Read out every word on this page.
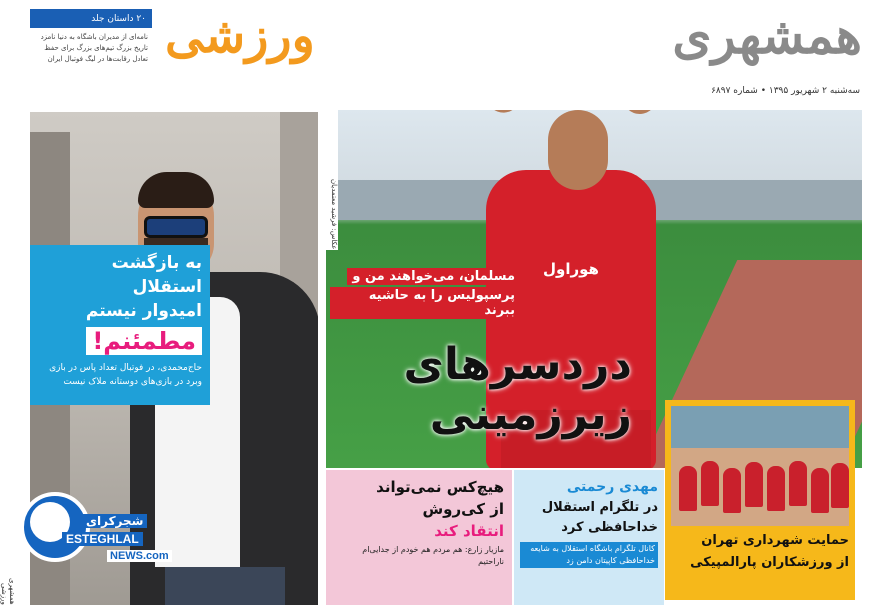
همشهری
ورزشی
سه‌شنبه ۲ شهریور ۱۳۹۵ • شماره ۶۸۹۷
۲۰ داستان جلد
نامه‌ای از مدیران باشگاه به دنیا نامزد تاریخ بزرگ تیم‌های بزرگ برای حفظ تعادل رقابت‌ها در لیگ فوتبال ایران
به بازگشت استقلال
امیدوار نیستم
مطمئنم!
حاج‌محمدی، در فوتبال تعداد پاس در بازی وبرد در بازی‌های دوستانه ملاک نیست
هوراول
عکاس: فرشید معتمدیان
مسلمان، می‌خواهند من و
پرسپولیس را به حاشیه ببرند
دردسرهای
زیرزمینی
حمایت شهرداری تهران
از ورزشکاران پارالمپیکی
هیچ‌کس نمی‌تواند
از کی‌روش
انتقاد کند
مازیار زارع: هم مردم هم خودم از جدایی‌ام ناراحتیم
مهدی رحمتی
در تلگرام استقلال
خداحافظی کرد
کانال تلگرام باشگاه استقلال به شایعه خداحافظی کاپیتان دامن زد
شجرکرای
ESTEGHLAL
NEWS.com
همشهری ورزشی
